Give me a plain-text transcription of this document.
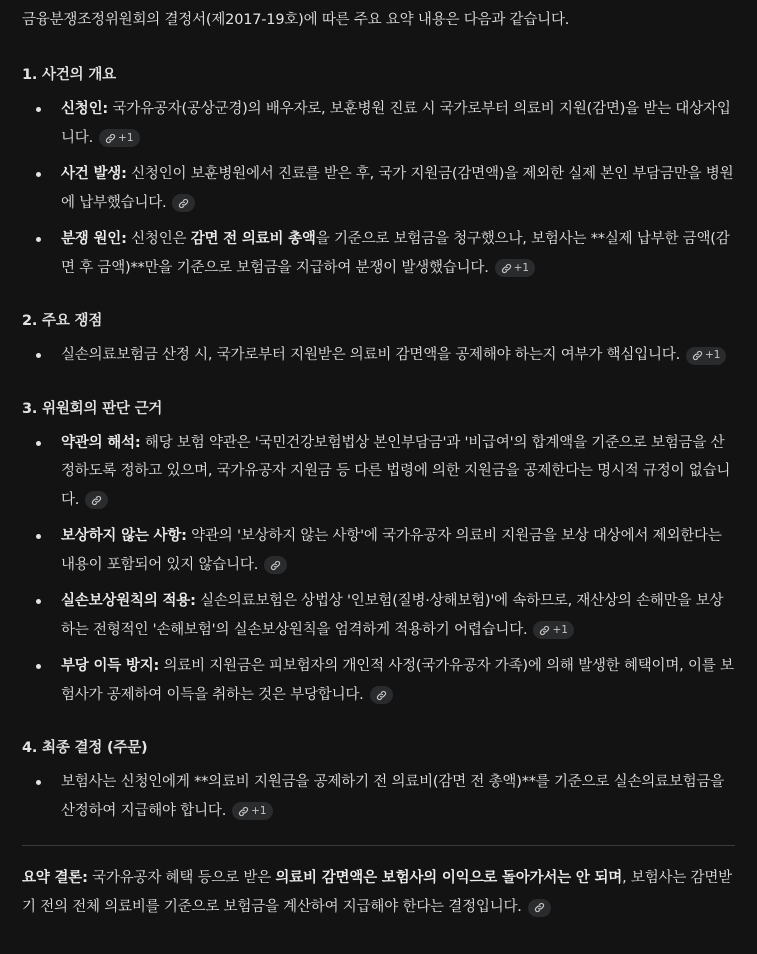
금융분쟁조정위원회의 결정서(제2017-19호)에 따른 주요 요약 내용은 다음과 같습니다.

1. 사건의 개요
신청인: 국가유공자(공상군경)의 배우자로, 보훈병원 진료 시 국가로부터 의료비 지원(감면)을 받는 대상자입니다. +1
사건 발생: 신청인이 보훈병원에서 진료를 받은 후, 국가 지원금(감면액)을 제외한 실제 본인 부담금만을 병원에 납부했습니다.
분쟁 원인: 신청인은 감면 전 의료비 총액을 기준으로 보험금을 청구했으나, 보험사는 **실제 납부한 금액(감면 후 금액)**만을 기준으로 보험금을 지급하여 분쟁이 발생했습니다. +1
2. 주요 쟁점
실손의료보험금 산정 시, 국가로부터 지원받은 의료비 감면액을 공제해야 하는지 여부가 핵심입니다. +1
3. 위원회의 판단 근거
약관의 해석: 해당 보험 약관은 '국민건강보험법상 본인부담금'과 '비급여'의 합계액을 기준으로 보험금을 산정하도록 정하고 있으며, 국가유공자 지원금 등 다른 법령에 의한 지원금을 공제한다는 명시적 규정이 없습니다.
보상하지 않는 사항: 약관의 '보상하지 않는 사항'에 국가유공자 의료비 지원금을 보상 대상에서 제외한다는 내용이 포함되어 있지 않습니다.
실손보상원칙의 적용: 실손의료보험은 상법상 '인보험(질병·상해보험)'에 속하므로, 재산상의 손해만을 보상하는 전형적인 '손해보험'의 실손보상원칙을 엄격하게 적용하기 어렵습니다. +1
부당 이득 방지: 의료비 지원금은 피보험자의 개인적 사정(국가유공자 가족)에 의해 발생한 혜택이며, 이를 보험사가 공제하여 이득을 취하는 것은 부당합니다.
4. 최종 결정 (주문)
보험사는 신청인에게 **의료비 지원금을 공제하기 전 의료비(감면 전 총액)**를 기준으로 실손의료보험금을 산정하여 지급해야 합니다. +1

요약 결론: 국가유공자 혜택 등으로 받은 의료비 감면액은 보험사의 이익으로 돌아가서는 안 되며, 보험사는 감면받기 전의 전체 의료비를 기준으로 보험금을 계산하여 지급해야 한다는 결정입니다.
